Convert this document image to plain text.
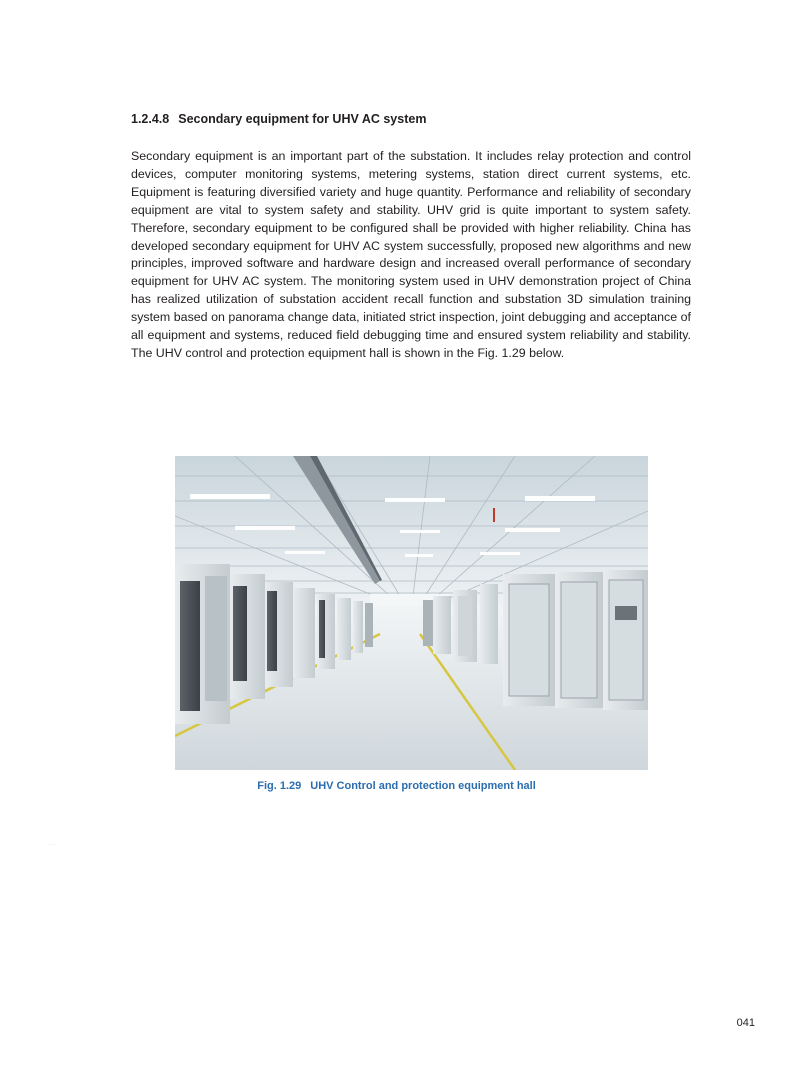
1.2.4.8 Secondary equipment for UHV AC system

Secondary equipment is an important part of the substation. It includes relay protection and control devices, computer monitoring systems, metering systems, station direct current systems, etc. Equipment is featuring diversified variety and huge quantity. Performance and reliability of secondary equipment are vital to system safety and stability. UHV grid is quite important to system safety. Therefore, secondary equipment to be configured shall be provided with higher reliability. China has developed secondary equipment for UHV AC system successfully, proposed new algorithms and new principles, improved software and hardware design and increased overall performance of secondary equipment for UHV AC system. The monitoring system used in UHV demonstration project of China has realized utilization of substation accident recall function and substation 3D simulation training system based on panorama change data, initiated strict inspection, joint debugging and acceptance of all equipment and systems, reduced field debugging time and ensured system reliability and stability. The UHV control and protection equipment hall is shown in the Fig. 1.29 below.

Fig. 1.29 UHV Control and protection equipment hall
···
041
